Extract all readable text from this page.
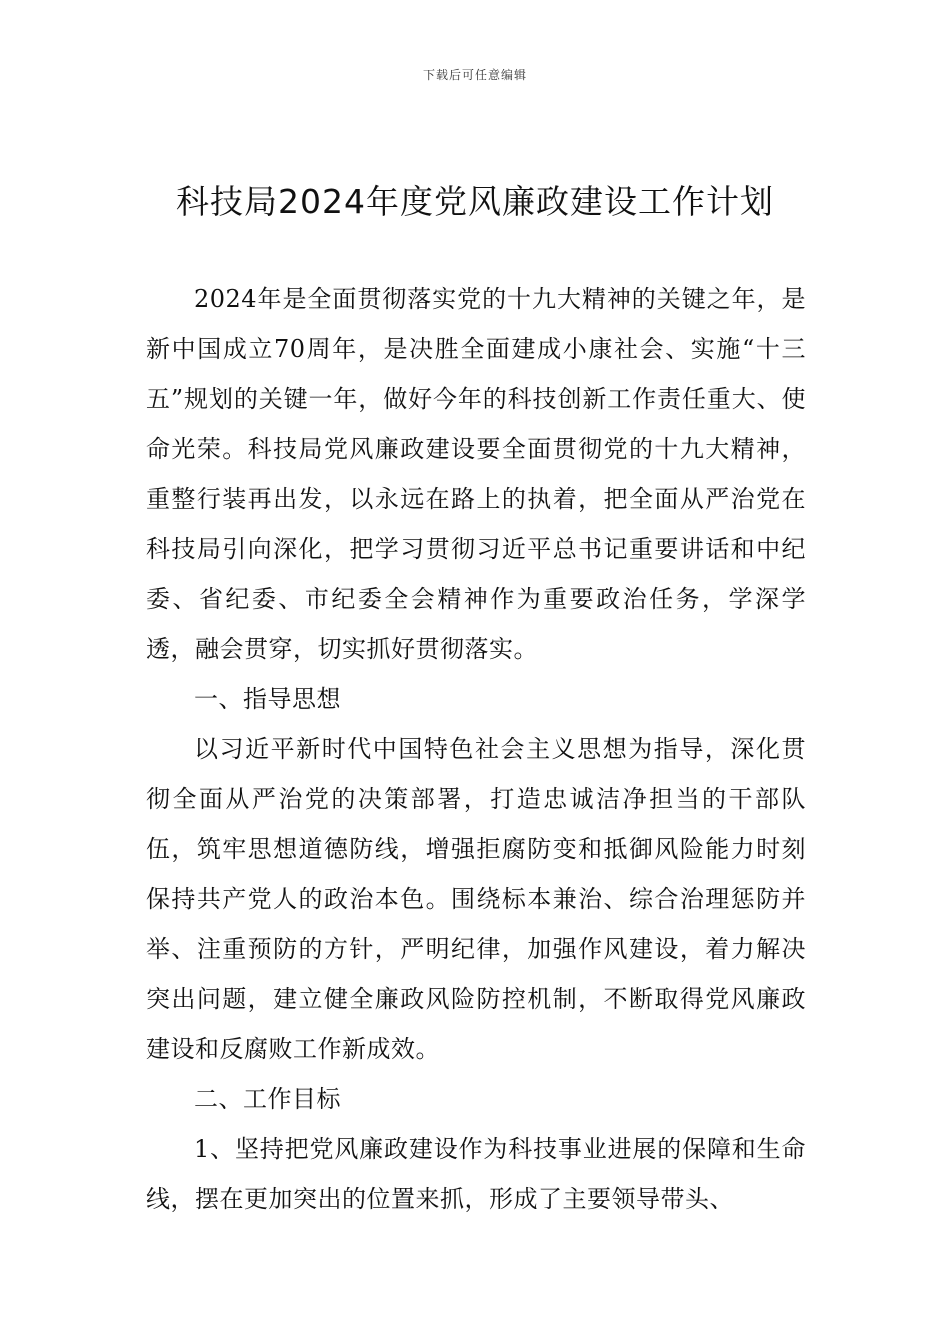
下载后可任意编辑
科技局2024年度党风廉政建设工作计划

2024年是全面贯彻落实党的十九大精神的关键之年，是新中国成立70周年，是决胜全面建成小康社会、实施“十三五”规划的关键一年，做好今年的科技创新工作责任重大、使命光荣。科技局党风廉政建设要全面贯彻党的十九大精神，重整行装再出发，以永远在路上的执着，把全面从严治党在科技局引向深化，把学习贯彻习近平总书记重要讲话和中纪委、省纪委、市纪委全会精神作为重要政治任务，学深学透，融会贯穿，切实抓好贯彻落实。

一、指导思想

以习近平新时代中国特色社会主义思想为指导，深化贯彻全面从严治党的决策部署，打造忠诚洁净担当的干部队伍，筑牢思想道德防线，增强拒腐防变和抵御风险能力时刻保持共产党人的政治本色。围绕标本兼治、综合治理惩防并举、注重预防的方针，严明纪律，加强作风建设，着力解决突出问题，建立健全廉政风险防控机制，不断取得党风廉政建设和反腐败工作新成效。

二、工作目标

1、坚持把党风廉政建设作为科技事业进展的保障和生命线，摆在更加突出的位置来抓，形成了主要领导带头、
